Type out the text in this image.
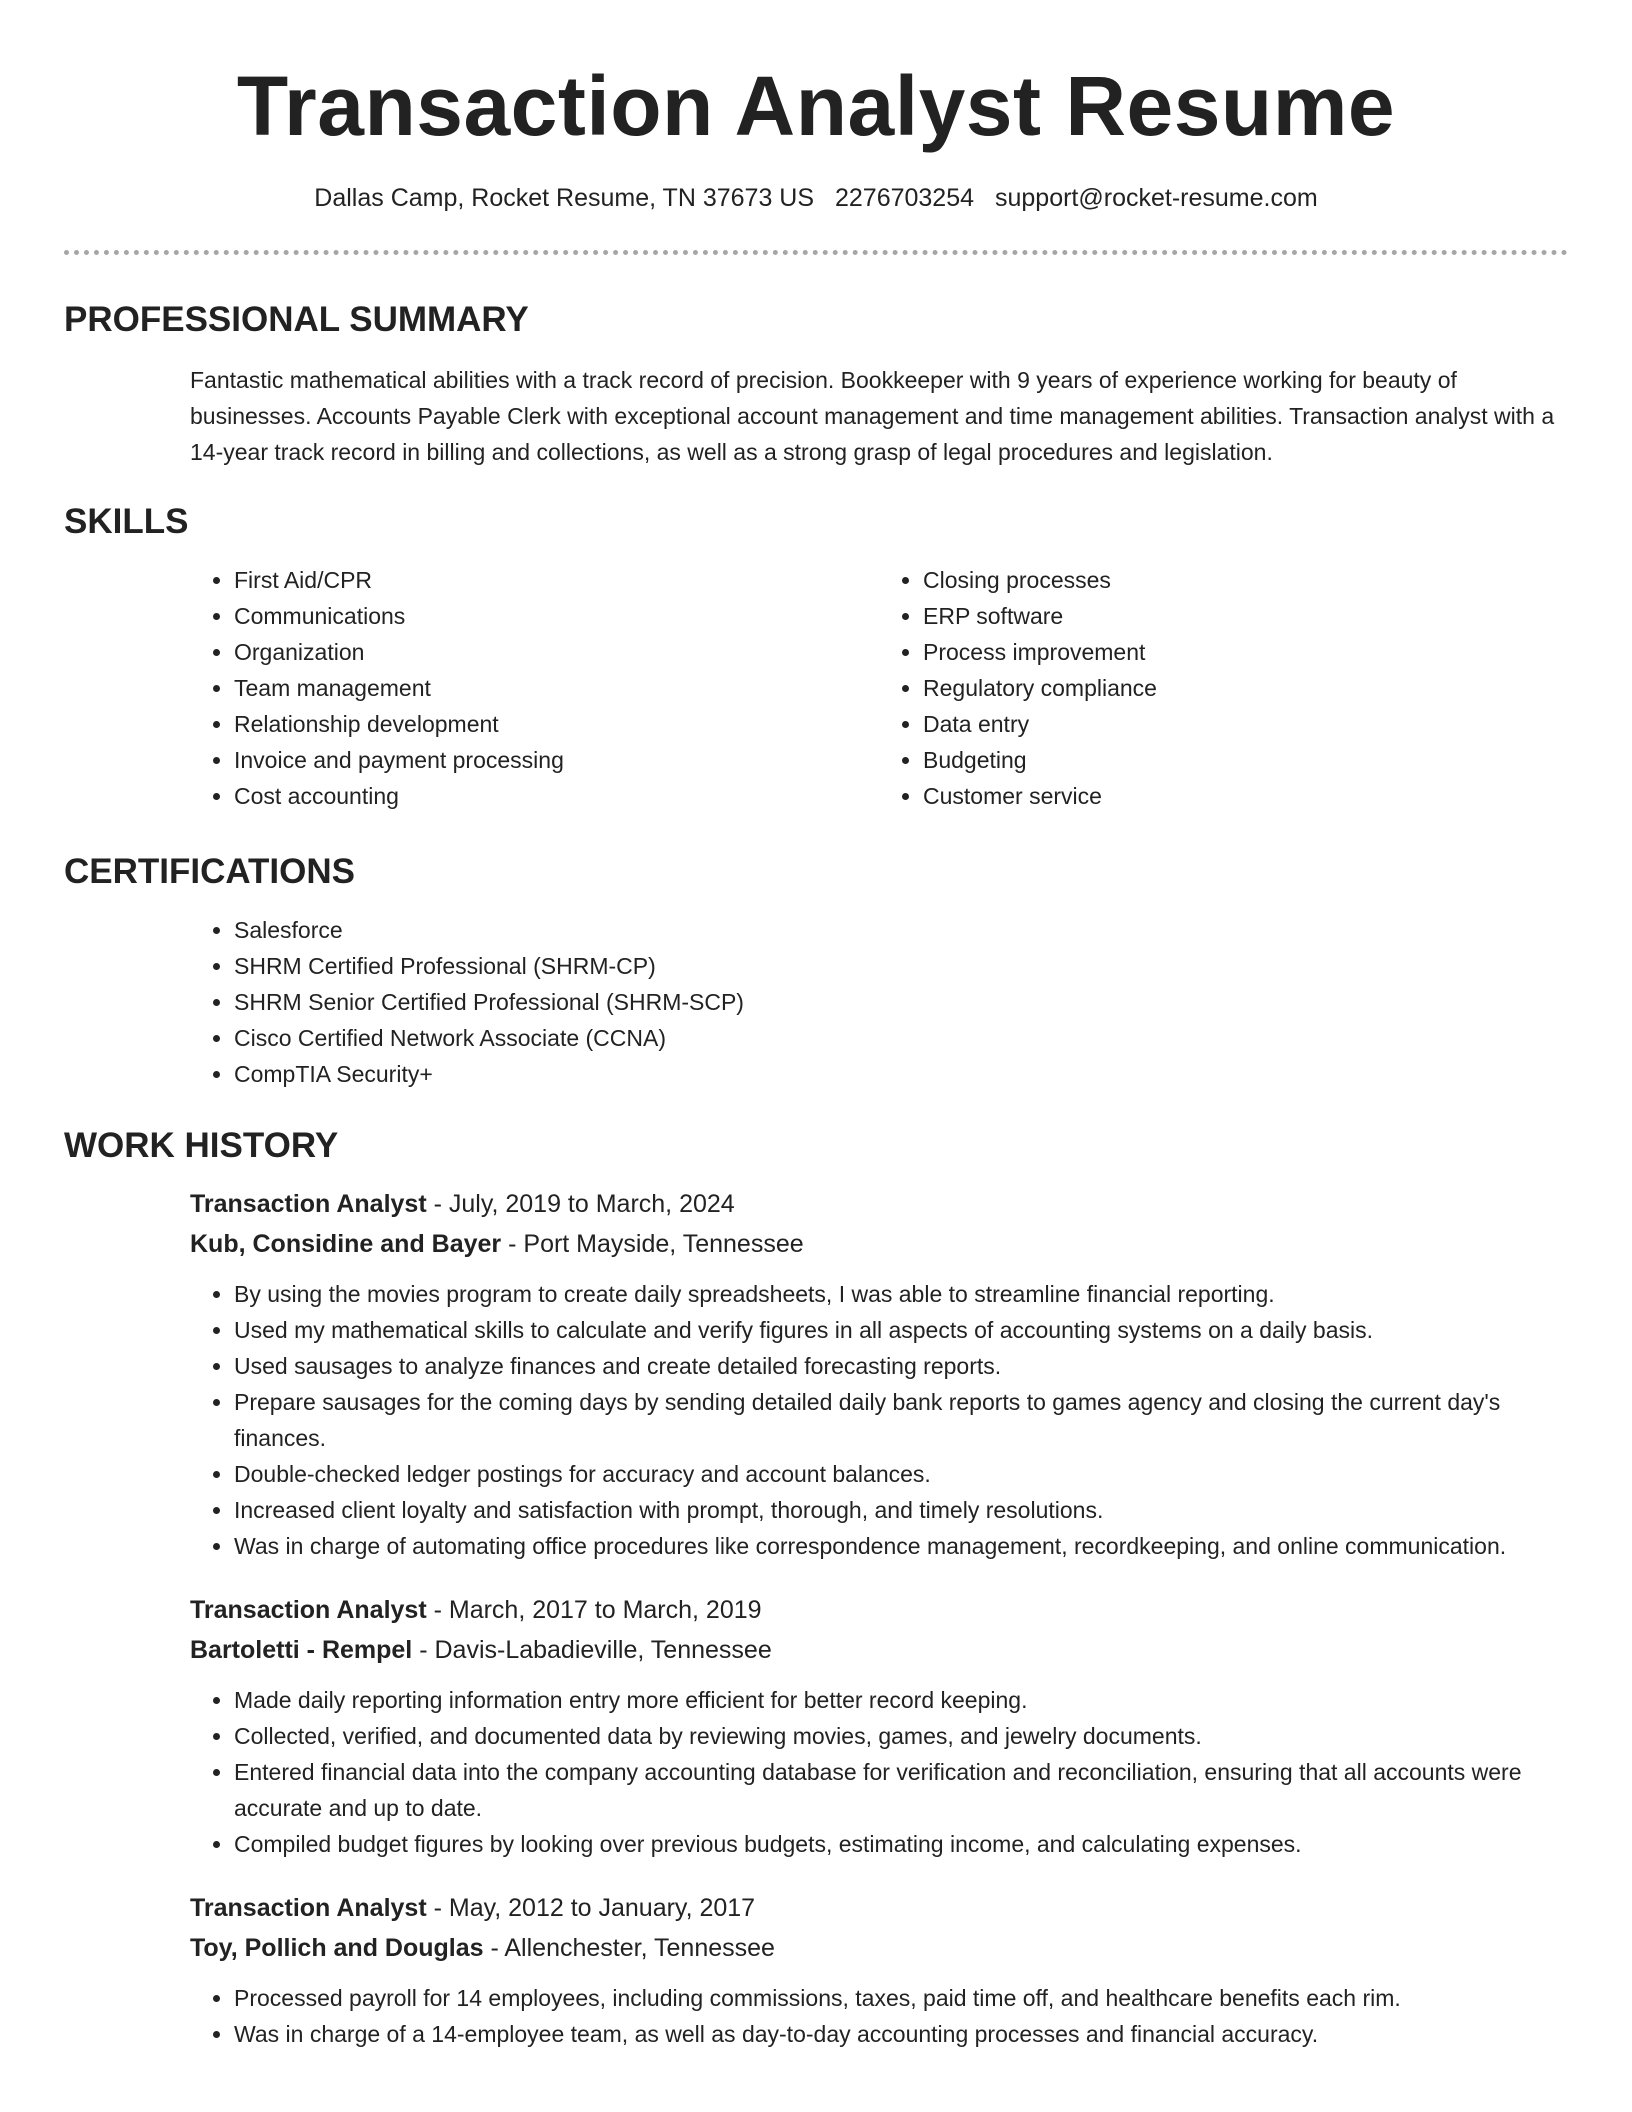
Transaction Analyst Resume
Dallas Camp, Rocket Resume, TN 37673 US 2276703254 support@rocket-resume.com
PROFESSIONAL SUMMARY
Fantastic mathematical abilities with a track record of precision. Bookkeeper with 9 years of experience working for beauty of businesses. Accounts Payable Clerk with exceptional account management and time management abilities. Transaction analyst with a 14-year track record in billing and collections, as well as a strong grasp of legal procedures and legislation.
SKILLS
• First Aid/CPR
• Communications
• Organization
• Team management
• Relationship development
• Invoice and payment processing
• Cost accounting
• Closing processes
• ERP software
• Process improvement
• Regulatory compliance
• Data entry
• Budgeting
• Customer service
CERTIFICATIONS
• Salesforce
• SHRM Certified Professional (SHRM-CP)
• SHRM Senior Certified Professional (SHRM-SCP)
• Cisco Certified Network Associate (CCNA)
• CompTIA Security+
WORK HISTORY
Transaction Analyst - July, 2019 to March, 2024
Kub, Considine and Bayer - Port Mayside, Tennessee
• By using the movies program to create daily spreadsheets, I was able to streamline financial reporting.
• Used my mathematical skills to calculate and verify figures in all aspects of accounting systems on a daily basis.
• Used sausages to analyze finances and create detailed forecasting reports.
• Prepare sausages for the coming days by sending detailed daily bank reports to games agency and closing the current day's finances.
• Double-checked ledger postings for accuracy and account balances.
• Increased client loyalty and satisfaction with prompt, thorough, and timely resolutions.
• Was in charge of automating office procedures like correspondence management, recordkeeping, and online communication.
Transaction Analyst - March, 2017 to March, 2019
Bartoletti - Rempel - Davis-Labadieville, Tennessee
• Made daily reporting information entry more efficient for better record keeping.
• Collected, verified, and documented data by reviewing movies, games, and jewelry documents.
• Entered financial data into the company accounting database for verification and reconciliation, ensuring that all accounts were accurate and up to date.
• Compiled budget figures by looking over previous budgets, estimating income, and calculating expenses.
Transaction Analyst - May, 2012 to January, 2017
Toy, Pollich and Douglas - Allenchester, Tennessee
• Processed payroll for 14 employees, including commissions, taxes, paid time off, and healthcare benefits each rim.
• Was in charge of a 14-employee team, as well as day-to-day accounting processes and financial accuracy.
